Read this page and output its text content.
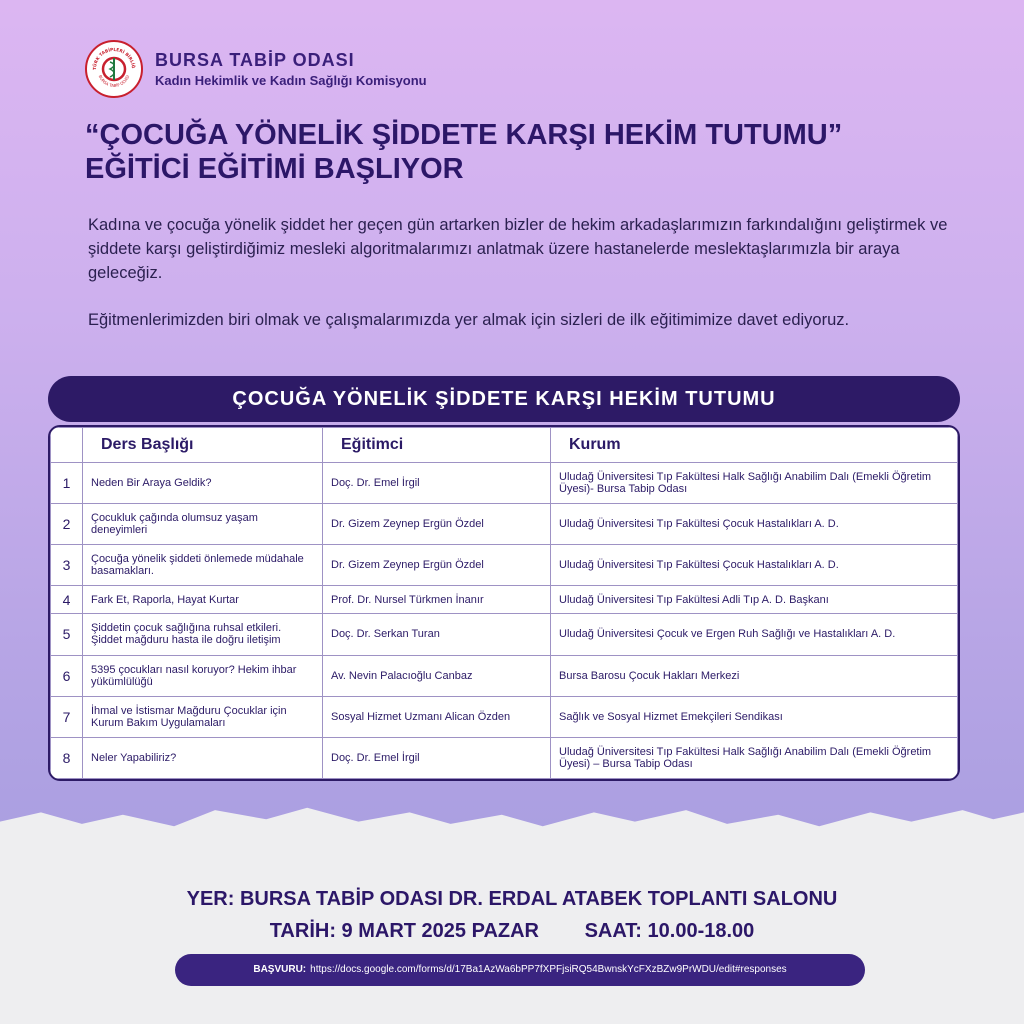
TÜRK TABİPLERİ BİRLİĞ
BURSA TABİP ODASI
BURSA TABİP ODASI
Kadın Hekimlik ve Kadın Sağlığı Komisyonu
“ÇOCUĞA YÖNELİK ŞİDDETE KARŞI HEKİM TUTUMU”
EĞİTİCİ EĞİTİMİ BAŞLIYOR

Kadına ve çocuğa yönelik şiddet her geçen gün artarken bizler de hekim arkadaşlarımızın farkındalığını geliştirmek ve şiddete karşı geliştirdiğimiz mesleki algoritmalarımızı anlatmak üzere hastanelerde meslektaşlarımızla bir araya geleceğiz.

Eğitmenlerimizden biri olmak ve çalışmalarımızda yer almak için sizleri de ilk eğitimimize davet ediyoruz.

ÇOCUĞA YÖNELİK ŞİDDETE KARŞI HEKİM TUTUMU
	Ders Başlığı	Eğitimci	Kurum
1	Neden Bir Araya Geldik?	Doç. Dr. Emel İrgil	Uludağ Üniversitesi Tıp Fakültesi Halk Sağlığı Anabilim Dalı (Emekli Öğretim Üyesi)- Bursa Tabip Odası
2	Çocukluk çağında olumsuz yaşam deneyimleri	Dr. Gizem Zeynep Ergün Özdel	Uludağ Üniversitesi Tıp Fakültesi Çocuk Hastalıkları A. D.
3	Çocuğa yönelik şiddeti önlemede müdahale basamakları.	Dr. Gizem Zeynep Ergün Özdel	Uludağ Üniversitesi Tıp Fakültesi Çocuk Hastalıkları A. D.
4	Fark Et, Raporla, Hayat Kurtar	Prof. Dr. Nursel Türkmen İnanır	Uludağ Üniversitesi Tıp Fakültesi Adli Tıp A. D. Başkanı
5	Şiddetin çocuk sağlığına ruhsal etkileri. Şiddet mağduru hasta ile doğru iletişim	Doç. Dr. Serkan Turan	Uludağ Üniversitesi Çocuk ve Ergen Ruh Sağlığı ve Hastalıkları A. D.
6	5395 çocukları nasıl koruyor? Hekim ihbar yükümlülüğü	Av. Nevin Palacıoğlu Canbaz	Bursa Barosu Çocuk Hakları Merkezi
7	İhmal ve İstismar Mağduru Çocuklar için Kurum Bakım Uygulamaları	Sosyal Hizmet Uzmanı Alican Özden	Sağlık ve Sosyal Hizmet Emekçileri Sendikası
8	Neler Yapabiliriz?	Doç. Dr. Emel İrgil	Uludağ Üniversitesi Tıp Fakültesi Halk Sağlığı Anabilim Dalı (Emekli Öğretim Üyesi) – Bursa Tabip Odası
YER: BURSA TABİP ODASI DR. ERDAL ATABEK TOPLANTI SALONU
TARİH: 9 MART 2025 PAZAR SAAT: 10.00-18.00
BAŞVURU: https://docs.google.com/forms/d/17Ba1AzWa6bPP7fXPFjsiRQ54BwnskYcFXzBZw9PrWDU/edit#responses
